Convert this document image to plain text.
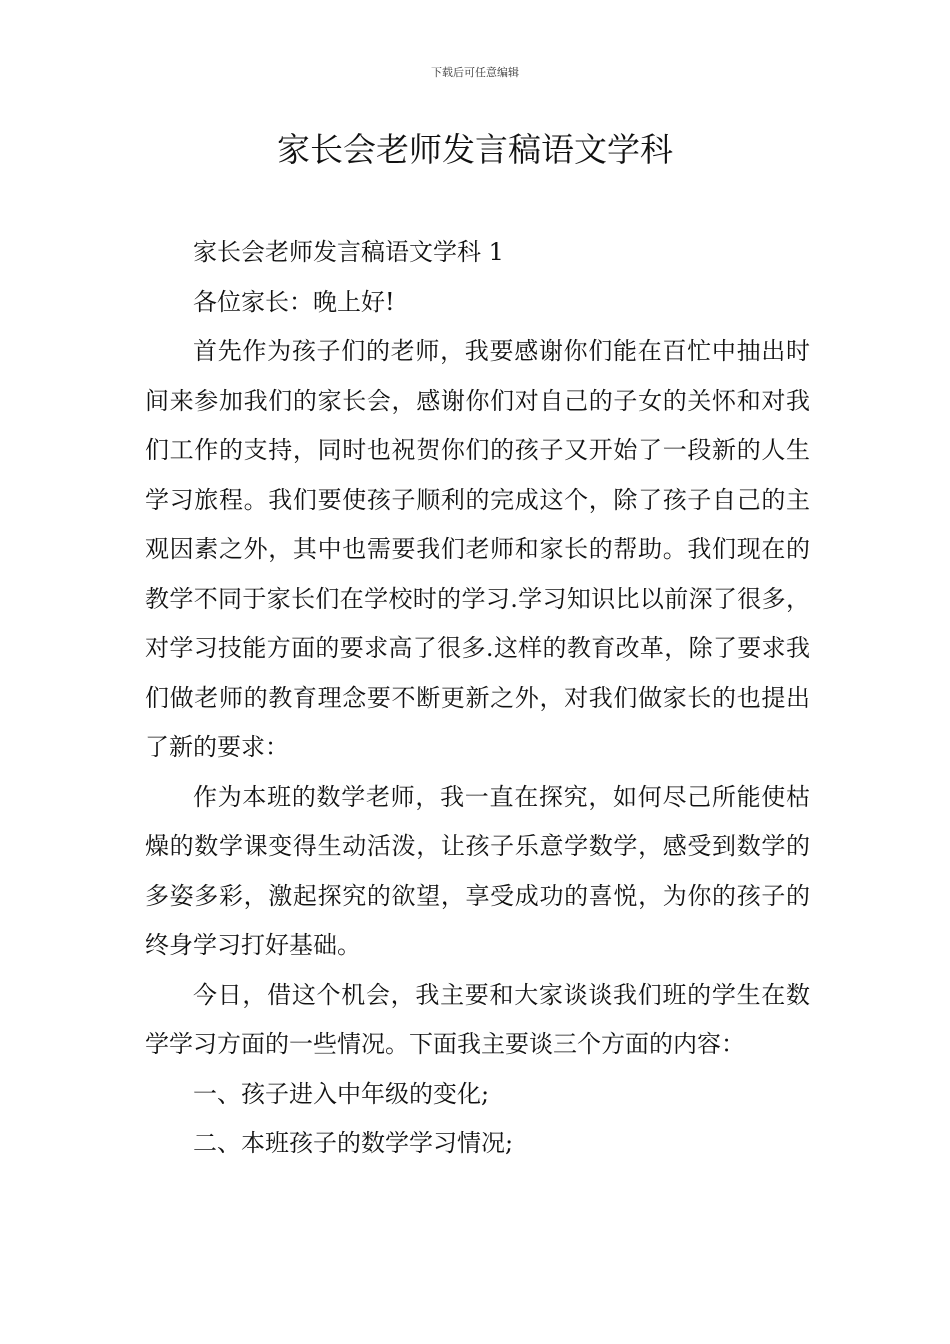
下载后可任意编辑
家长会老师发言稿语文学科

家长会老师发言稿语文学科 1

各位家长：晚上好!

首先作为孩子们的老师，我要感谢你们能在百忙中抽出时间来参加我们的家长会，感谢你们对自己的子女的关怀和对我们工作的支持，同时也祝贺你们的孩子又开始了一段新的人生学习旅程。我们要使孩子顺利的完成这个，除了孩子自己的主观因素之外，其中也需要我们老师和家长的帮助。我们现在的教学不同于家长们在学校时的学习.学习知识比以前深了很多，对学习技能方面的要求高了很多.这样的教育改革，除了要求我们做老师的教育理念要不断更新之外，对我们做家长的也提出了新的要求：

作为本班的数学老师，我一直在探究，如何尽己所能使枯燥的数学课变得生动活泼，让孩子乐意学数学，感受到数学的多姿多彩，激起探究的欲望，享受成功的喜悦，为你的孩子的终身学习打好基础。

今日，借这个机会，我主要和大家谈谈我们班的学生在数学学习方面的一些情况。下面我主要谈三个方面的内容：

一、孩子进入中年级的变化;

二、本班孩子的数学学习情况;
